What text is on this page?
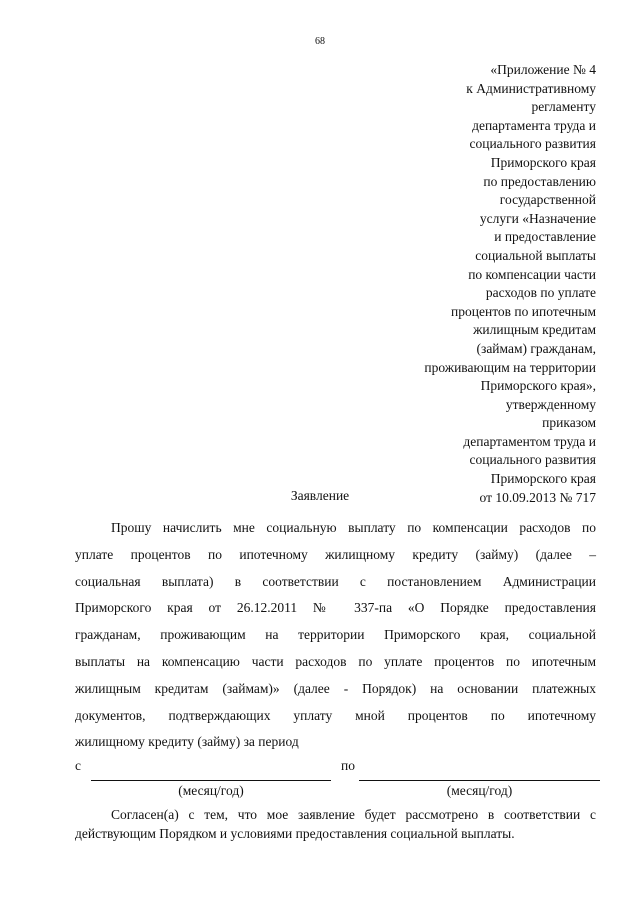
68
«Приложение № 4
к Административному
регламенту
департамента труда и
социального развития
Приморского края
по предоставлению
государственной
услуги «Назначение
и предоставление
социальной выплаты
по компенсации части
расходов по уплате
процентов по ипотечным
жилищным кредитам
(займам) гражданам,
проживающим на территории
Приморского края»,
утвержденному
приказом
департаментом труда и
социального развития
Приморского края
от 10.09.2013 № 717
Заявление
Прошу начислить мне социальную выплату по компенсации расходов по
уплате процентов по ипотечному жилищному кредиту (займу) (далее –
социальная выплата) в соответствии с постановлением Администрации
Приморского края от 26.12.2011 № 337-па «О Порядке предоставления
гражданам, проживающим на территории Приморского края, социальной
выплаты на компенсацию части расходов по уплате процентов по ипотечным
жилищным кредитам (займам)» (далее - Порядок) на основании платежных
документов, подтверждающих уплату мной процентов по ипотечному
жилищному кредиту (займу) за период
с	по
(месяц/год)	(месяц/год)
Согласен(а) с тем, что мое заявление будет рассмотрено в соответствии с
действующим Порядком и условиями предоставления социальной выплаты.
